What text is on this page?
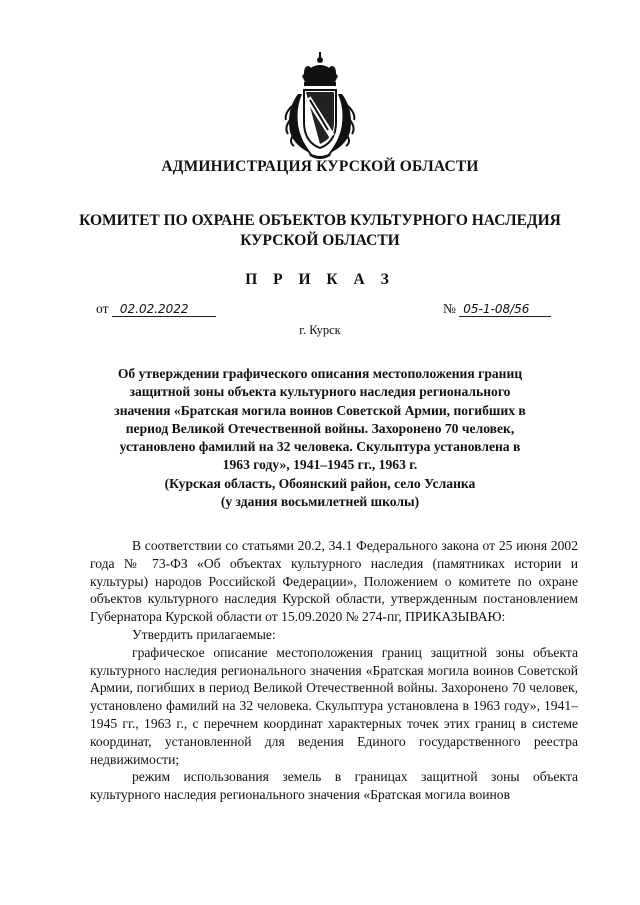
АДМИНИСТРАЦИЯ КУРСКОЙ ОБЛАСТИ
КОМИТЕТ ПО ОХРАНЕ ОБЪЕКТОВ КУЛЬТУРНОГО НАСЛЕДИЯ
КУРСКОЙ ОБЛАСТИ
П Р И К А З
от 02.02.2022	№ 05-1-08/56
г. Курск
Об утверждении графического описания местоположения границ
защитной зоны объекта культурного наследия регионального
значения «Братская могила воинов Советской Армии, погибших в
период Великой Отечественной войны. Захоронено 70 человек,
установлено фамилий на 32 человека. Скульптура установлена в
1963 году», 1941–1945 гг., 1963 г.
(Курская область, Обоянский район, село Усланка
(у здания восьмилетней школы)

В соответствии со статьями 20.2, 34.1 Федерального закона от 25 июня 2002 года № 73-ФЗ «Об объектах культурного наследия (памятниках истории и культуры) народов Российской Федерации», Положением о комитете по охране объектов культурного наследия Курской области, утвержденным постановлением Губернатора Курской области от 15.09.2020 № 274-пг, ПРИКАЗЫВАЮ:

Утвердить прилагаемые:

графическое описание местоположения границ защитной зоны объекта культурного наследия регионального значения «Братская могила воинов Советской Армии, погибших в период Великой Отечественной войны. Захоронено 70 человек, установлено фамилий на 32 человека. Скульптура установлена в 1963 году», 1941–1945 гг., 1963 г., с перечнем координат характерных точек этих границ в системе координат, установленной для ведения Единого государственного реестра недвижимости;

режим использования земель в границах защитной зоны объекта культурного наследия регионального значения «Братская могила воинов
